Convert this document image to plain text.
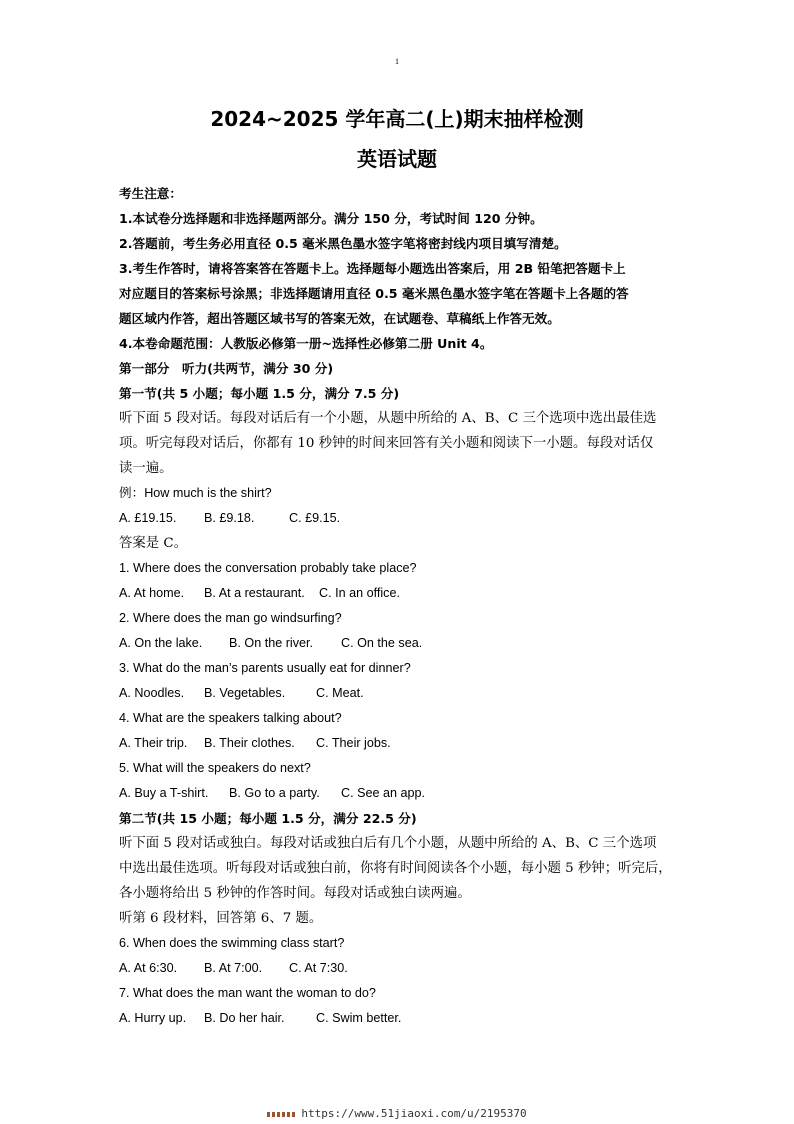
1
2024~2025 学年高二(上)期末抽样检测
英语试题
考生注意：
1.本试卷分选择题和非选择题两部分。满分 150 分，考试时间 120 分钟。
2.答题前，考生务必用直径 0.5 毫米黑色墨水签字笔将密封线内项目填写清楚。
3.考生作答时，请将答案答在答题卡上。选择题每小题选出答案后，用 2B 铅笔把答题卡上
对应题目的答案标号涂黑；非选择题请用直径 0.5 毫米黑色墨水签字笔在答题卡上各题的答
题区域内作答，超出答题区域书写的答案无效，在试题卷、草稿纸上作答无效。
4.本卷命题范围：人教版必修第一册~选择性必修第二册 Unit 4。
第一部分　听力(共两节，满分 30 分)
第一节(共 5 小题；每小题 1.5 分，满分 7.5 分)
听下面 5 段对话。每段对话后有一个小题，从题中所给的 A、B、C 三个选项中选出最佳选
项。听完每段对话后，你都有 10 秒钟的时间来回答有关小题和阅读下一小题。每段对话仅
读一遍。
例：How much is the shirt?
A. £19.15. B. £9.18.	C. £9.15.
答案是 C。
1. Where does the conversation probably take place?
A. At home. B. At a restaurant. C. In an office.
2. Where does the man go windsurfing?
A. On the lake. B. On the river. C. On the sea.
3. What do the man’s parents usually eat for dinner?
A. Noodles. B. Vegetables. C. Meat.
4. What are the speakers talking about?
A. Their trip. B. Their clothes. C. Their jobs.
5. What will the speakers do next?
A. Buy a T-shirt. B. Go to a party. C. See an app.
第二节(共 15 小题；每小题 1.5 分，满分 22.5 分)
听下面 5 段对话或独白。每段对话或独白后有几个小题，从题中所给的 A、B、C 三个选项
中选出最佳选项。听每段对话或独白前，你将有时间阅读各个小题，每小题 5 秒钟；听完后，
各小题将给出 5 秒钟的作答时间。每段对话或独白读两遍。
听第 6 段材料，回答第 6、7 题。
6. When does the swimming class start?
A. At 6:30. B. At 7:00. C. At 7:30.
7. What does the man want the woman to do?
A. Hurry up. B. Do her hair. C. Swim better.
https://www.51jiaoxi.com/u/2195370
